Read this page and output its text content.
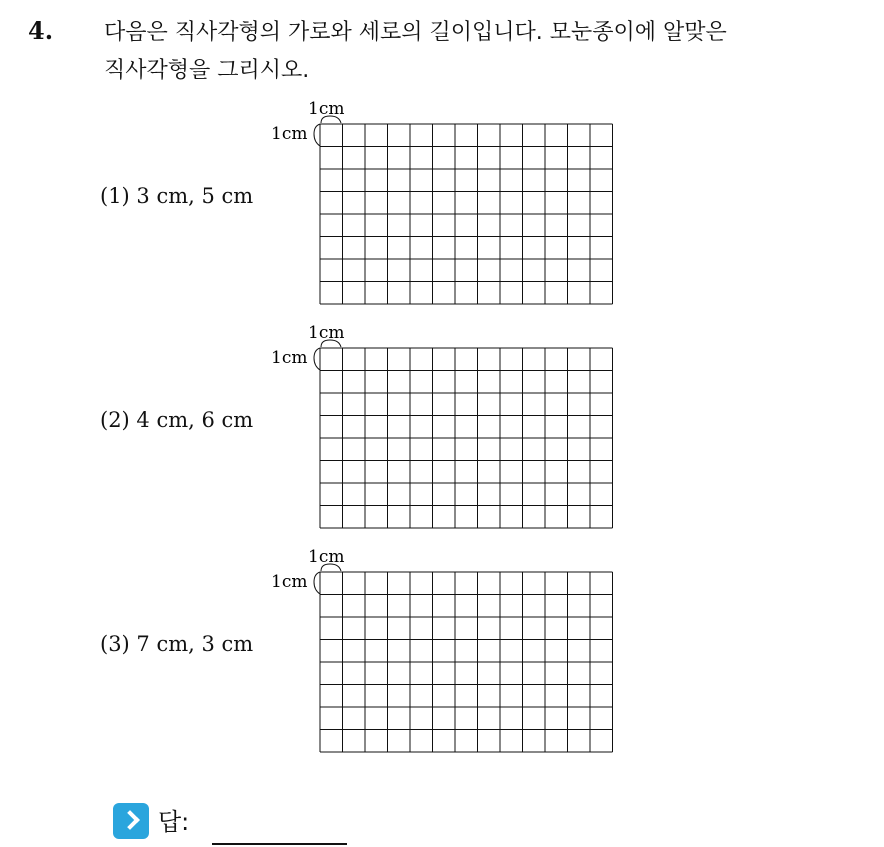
4. 다음은 직사각형의 가로와 세로의 길이입니다. 모눈종이에 알맞은
직사각형을 그리시오.
(1) 3 cm, 5 cm
1cm
1cm
(2) 4 cm, 6 cm
1cm
1cm
(3) 7 cm, 3 cm
1cm
1cm
답:
